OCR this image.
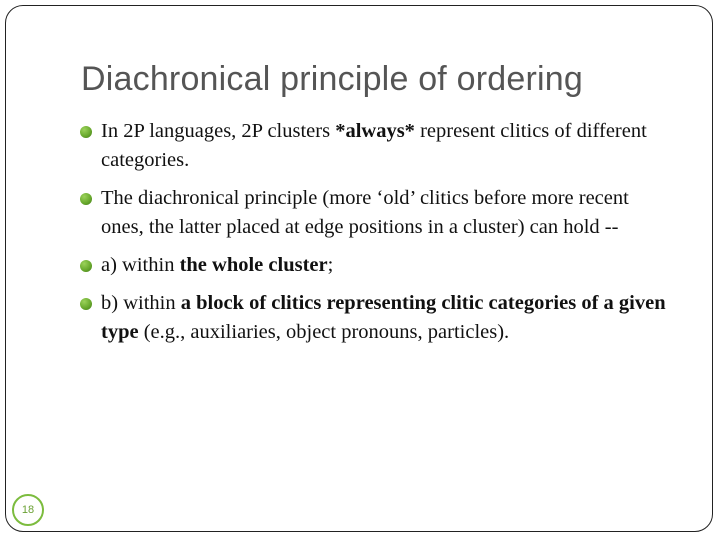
Diachronical principle of ordering
In 2P languages, 2P clusters *always* represent clitics of different categories.
The diachronical principle (more ‘old’ clitics before more recent ones, the latter placed at edge positions in a cluster) can hold --
a) within the whole cluster;
b) within a block of clitics representing clitic categories of a given type (e.g., auxiliaries, object pronouns, particles).
18
